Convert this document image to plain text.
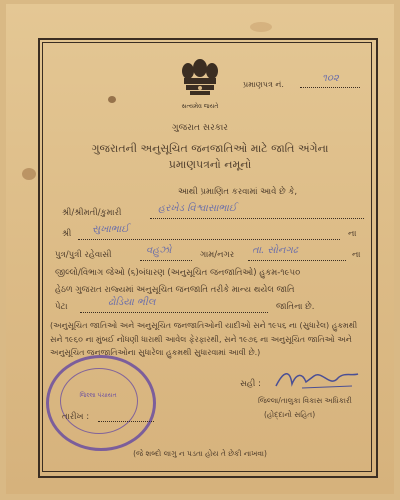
સત્યમેવ જયતે
પ્રમાણપત્ર નં.
૧૦૨
ગુજરાત સરકાર
ગુજરાતની અનુસૂચિત જનજાતિઓ માટે જાતિ અંગેના
પ્રમાણપત્રનો નમૂનો
આથી પ્રમાણિત કરવામાં આવે છે કે,
શ્રી/શ્રીમતી/કુમારી	હરખેડ વિશ્વાસાભાઈ
શ્રી સુખાભાઈ	ના
પુત્ર/પુત્રી રહેવાસી	વહુઝો	ગામ/નગર તા. સોનગઢ	ના
જીલ્લો/વિભાગ જેઓ (૬)બંધારણ (અનુસૂચિત જનજાતિઓ) હુકમ-૧૯૫૦
હેઠળ ગુજરાત રાજ્યમાં અનુસૂચિત જનજાતિ તરીકે માન્ય થયેલ જાતિ
પેટા	ઢોડિયા ભીલ	જાતિના છે.
(અનુસૂચિત જાતિઓ અને અનુસૂચિત જનજાતિઓની યાદીઓ સને ૧૯૫૬ ના (સુધારેલ) હુકમથી સને ૧૯૬૦ ના મુંબઈ નોંધણી ધારાથી આવેલ ફેરફારથી, સને ૧૯૭૬ ના અનુસૂચિત જાતિઓ અને અનુસૂચિત જનજાતિઓના સુધારેલા હુકમથી સુધારવામાં આવી છે.)
જિલ્લા પંચાયત
તારીખ :
સહી :
જિલ્લા/તાલુકા વિકાસ અધિકારી
(હોદ્દાનો સહિત)
(જે શબ્દો લાગુ ન પડતા હોય તે છેકી નાખવા)
